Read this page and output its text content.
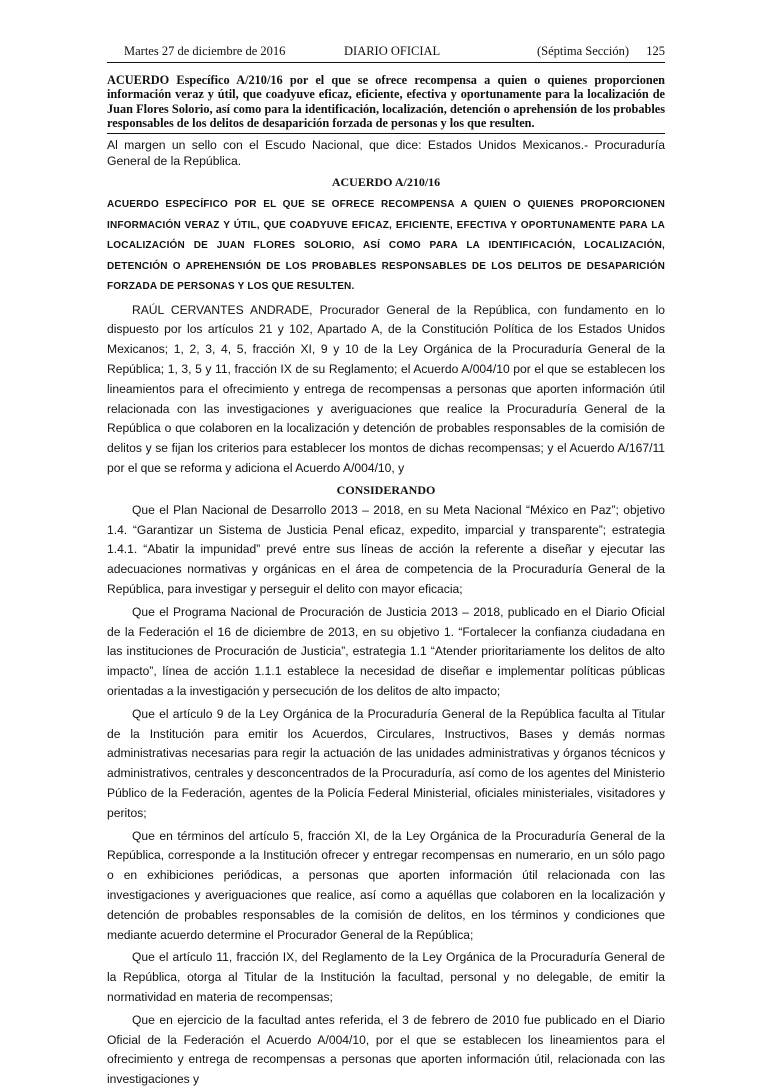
Martes 27 de diciembre de 2016	DIARIO OFICIAL	(Séptima Sección) 125
ACUERDO Específico A/210/16 por el que se ofrece recompensa a quien o quienes proporcionen información veraz y útil, que coadyuve eficaz, eficiente, efectiva y oportunamente para la localización de Juan Flores Solorio, así como para la identificación, localización, detención o aprehensión de los probables responsables de los delitos de desaparición forzada de personas y los que resulten.
Al margen un sello con el Escudo Nacional, que dice: Estados Unidos Mexicanos.- Procuraduría General de la República.
ACUERDO A/210/16
ACUERDO ESPECÍFICO POR EL QUE SE OFRECE RECOMPENSA A QUIEN O QUIENES PROPORCIONEN INFORMACIÓN VERAZ Y ÚTIL, QUE COADYUVE EFICAZ, EFICIENTE, EFECTIVA Y OPORTUNAMENTE PARA LA LOCALIZACIÓN DE JUAN FLORES SOLORIO, ASÍ COMO PARA LA IDENTIFICACIÓN, LOCALIZACIÓN, DETENCIÓN O APREHENSIÓN DE LOS PROBABLES RESPONSABLES DE LOS DELITOS DE DESAPARICIÓN FORZADA DE PERSONAS Y LOS QUE RESULTEN.

RAÚL CERVANTES ANDRADE, Procurador General de la República, con fundamento en lo dispuesto por los artículos 21 y 102, Apartado A, de la Constitución Política de los Estados Unidos Mexicanos; 1, 2, 3, 4, 5, fracción XI, 9 y 10 de la Ley Orgánica de la Procuraduría General de la República; 1, 3, 5 y 11, fracción IX de su Reglamento; el Acuerdo A/004/10 por el que se establecen los lineamientos para el ofrecimiento y entrega de recompensas a personas que aporten información útil relacionada con las investigaciones y averiguaciones que realice la Procuraduría General de la República o que colaboren en la localización y detención de probables responsables de la comisión de delitos y se fijan los criterios para establecer los montos de dichas recompensas; y el Acuerdo A/167/11 por el que se reforma y adiciona el Acuerdo A/004/10, y

CONSIDERANDO

Que el Plan Nacional de Desarrollo 2013 – 2018, en su Meta Nacional “México en Paz”; objetivo 1.4. “Garantizar un Sistema de Justicia Penal eficaz, expedito, imparcial y transparente”; estrategia 1.4.1. “Abatir la impunidad” prevé entre sus líneas de acción la referente a diseñar y ejecutar las adecuaciones normativas y orgánicas en el área de competencia de la Procuraduría General de la República, para investigar y perseguir el delito con mayor eficacia;

Que el Programa Nacional de Procuración de Justicia 2013 – 2018, publicado en el Diario Oficial de la Federación el 16 de diciembre de 2013, en su objetivo 1. “Fortalecer la confianza ciudadana en las instituciones de Procuración de Justicia”, estrategia 1.1 “Atender prioritariamente los delitos de alto impacto”, línea de acción 1.1.1 establece la necesidad de diseñar e implementar políticas públicas orientadas a la investigación y persecución de los delitos de alto impacto;

Que el artículo 9 de la Ley Orgánica de la Procuraduría General de la República faculta al Titular de la Institución para emitir los Acuerdos, Circulares, Instructivos, Bases y demás normas administrativas necesarias para regir la actuación de las unidades administrativas y órganos técnicos y administrativos, centrales y desconcentrados de la Procuraduría, así como de los agentes del Ministerio Público de la Federación, agentes de la Policía Federal Ministerial, oficiales ministeriales, visitadores y peritos;

Que en términos del artículo 5, fracción XI, de la Ley Orgánica de la Procuraduría General de la República, corresponde a la Institución ofrecer y entregar recompensas en numerario, en un sólo pago o en exhibiciones periódicas, a personas que aporten información útil relacionada con las investigaciones y averiguaciones que realice, así como a aquéllas que colaboren en la localización y detención de probables responsables de la comisión de delitos, en los términos y condiciones que mediante acuerdo determine el Procurador General de la República;

Que el artículo 11, fracción IX, del Reglamento de la Ley Orgánica de la Procuraduría General de la República, otorga al Titular de la Institución la facultad, personal y no delegable, de emitir la normatividad en materia de recompensas;

Que en ejercicio de la facultad antes referida, el 3 de febrero de 2010 fue publicado en el Diario Oficial de la Federación el Acuerdo A/004/10, por el que se establecen los lineamientos para el ofrecimiento y entrega de recompensas a personas que aporten información útil, relacionada con las investigaciones y
